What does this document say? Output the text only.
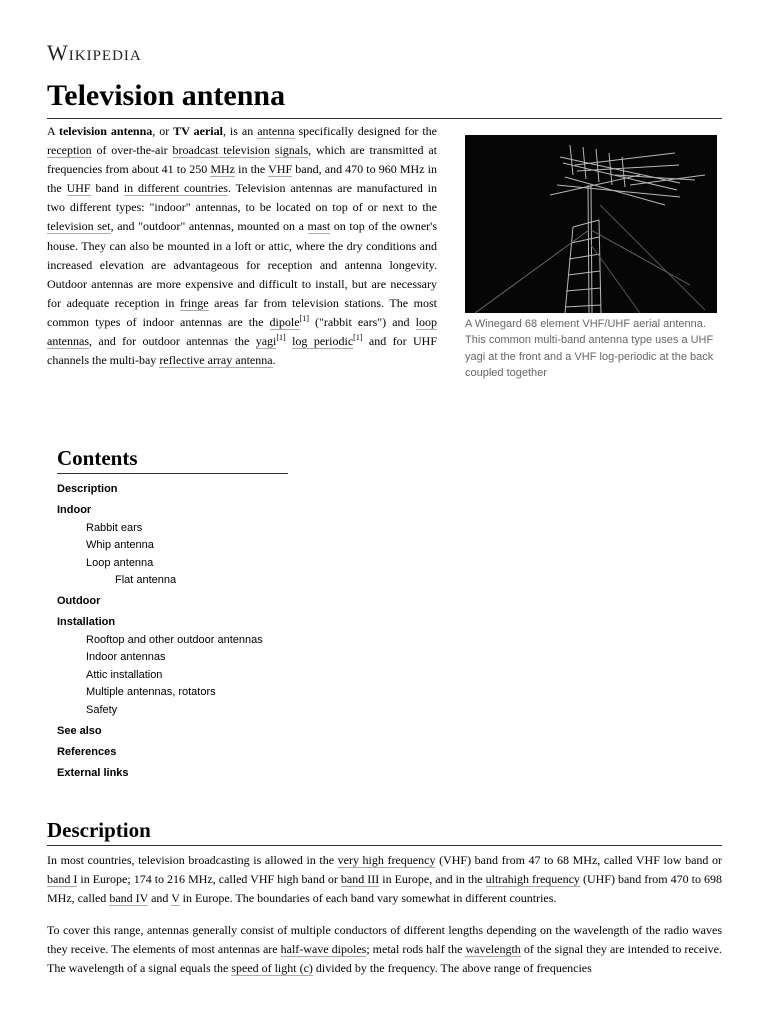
Wikipedia
Television antenna

A television antenna, or TV aerial, is an antenna specifically designed for the reception of over-the-air broadcast television signals, which are transmitted at frequencies from about 41 to 250 MHz in the VHF band, and 470 to 960 MHz in the UHF band in different countries. Television antennas are manufactured in two different types: "indoor" antennas, to be located on top of or next to the television set, and "outdoor" antennas, mounted on a mast on top of the owner's house. They can also be mounted in a loft or attic, where the dry conditions and increased elevation are advantageous for reception and antenna longevity. Outdoor antennas are more expensive and difficult to install, but are necessary for adequate reception in fringe areas far from television stations. The most common types of indoor antennas are the dipole[1] ("rabbit ears") and loop antennas, and for outdoor antennas the yagi[1] log periodic[1] and for UHF channels the multi-bay reflective array antenna.

A Winegard 68 element VHF/UHF aerial antenna. This common multi-band antenna type uses a UHF yagi at the front and a VHF log-periodic at the back coupled together
Contents
Description
Indoor
Rabbit ears
Whip antenna
Loop antenna
Flat antenna
Outdoor
Installation
Rooftop and other outdoor antennas
Indoor antennas
Attic installation
Multiple antennas, rotators
Safety
See also
References
External links
Description

In most countries, television broadcasting is allowed in the very high frequency (VHF) band from 47 to 68 MHz, called VHF low band or band I in Europe; 174 to 216 MHz, called VHF high band or band III in Europe, and in the ultrahigh frequency (UHF) band from 470 to 698 MHz, called band IV and V in Europe. The boundaries of each band vary somewhat in different countries.

To cover this range, antennas generally consist of multiple conductors of different lengths depending on the wavelength of the radio waves they receive. The elements of most antennas are half-wave dipoles; metal rods half the wavelength of the signal they are intended to receive. The wavelength of a signal equals the speed of light (c) divided by the frequency. The above range of frequencies
